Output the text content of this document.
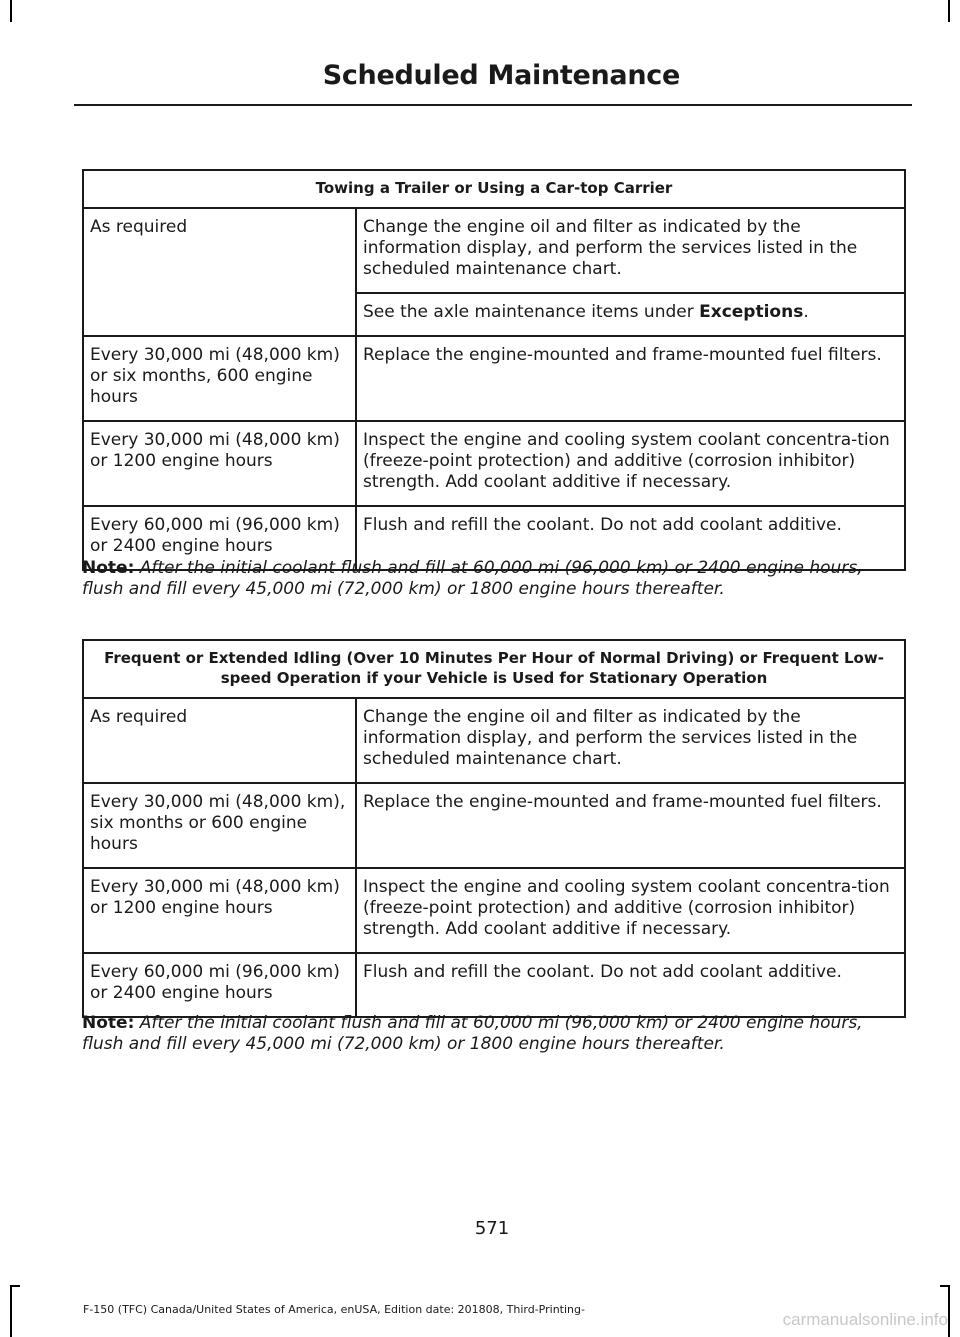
Scheduled Maintenance
Towing a Trailer or Using a Car-top Carrier	
As required	Change the engine oil and filter as indicated by the information display, and perform the services listed in the scheduled maintenance chart.
	See the axle maintenance items under Exceptions.
Every 30,000 mi (48,000 km) or six months, 600 engine hours	Replace the engine-mounted and frame-mounted fuel filters.
Every 30,000 mi (48,000 km) or 1200 engine hours	Inspect the engine and cooling system coolant concentra-tion (freeze-point protection) and additive (corrosion inhibitor) strength. Add coolant additive if necessary.
Every 60,000 mi (96,000 km) or 2400 engine hours	Flush and refill the coolant. Do not add coolant additive.
Note: After the initial coolant flush and fill at 60,000 mi (96,000 km) or 2400 engine hours, flush and fill every 45,000 mi (72,000 km) or 1800 engine hours thereafter.
Frequent or Extended Idling (Over 10 Minutes Per Hour of Normal Driving) or Frequent Low-speed Operation if your Vehicle is Used for Stationary Operation	
As required	Change the engine oil and filter as indicated by the information display, and perform the services listed in the scheduled maintenance chart.
Every 30,000 mi (48,000 km), six months or 600 engine hours	Replace the engine-mounted and frame-mounted fuel filters.
Every 30,000 mi (48,000 km) or 1200 engine hours	Inspect the engine and cooling system coolant concentra-tion (freeze-point protection) and additive (corrosion inhibitor) strength. Add coolant additive if necessary.
Every 60,000 mi (96,000 km) or 2400 engine hours	Flush and refill the coolant. Do not add coolant additive.
Note: After the initial coolant flush and fill at 60,000 mi (96,000 km) or 2400 engine hours, flush and fill every 45,000 mi (72,000 km) or 1800 engine hours thereafter.
571
F-150 (TFC) Canada/United States of America, enUSA, Edition date: 201808, Third-Printing-
carmanualsonline.info
